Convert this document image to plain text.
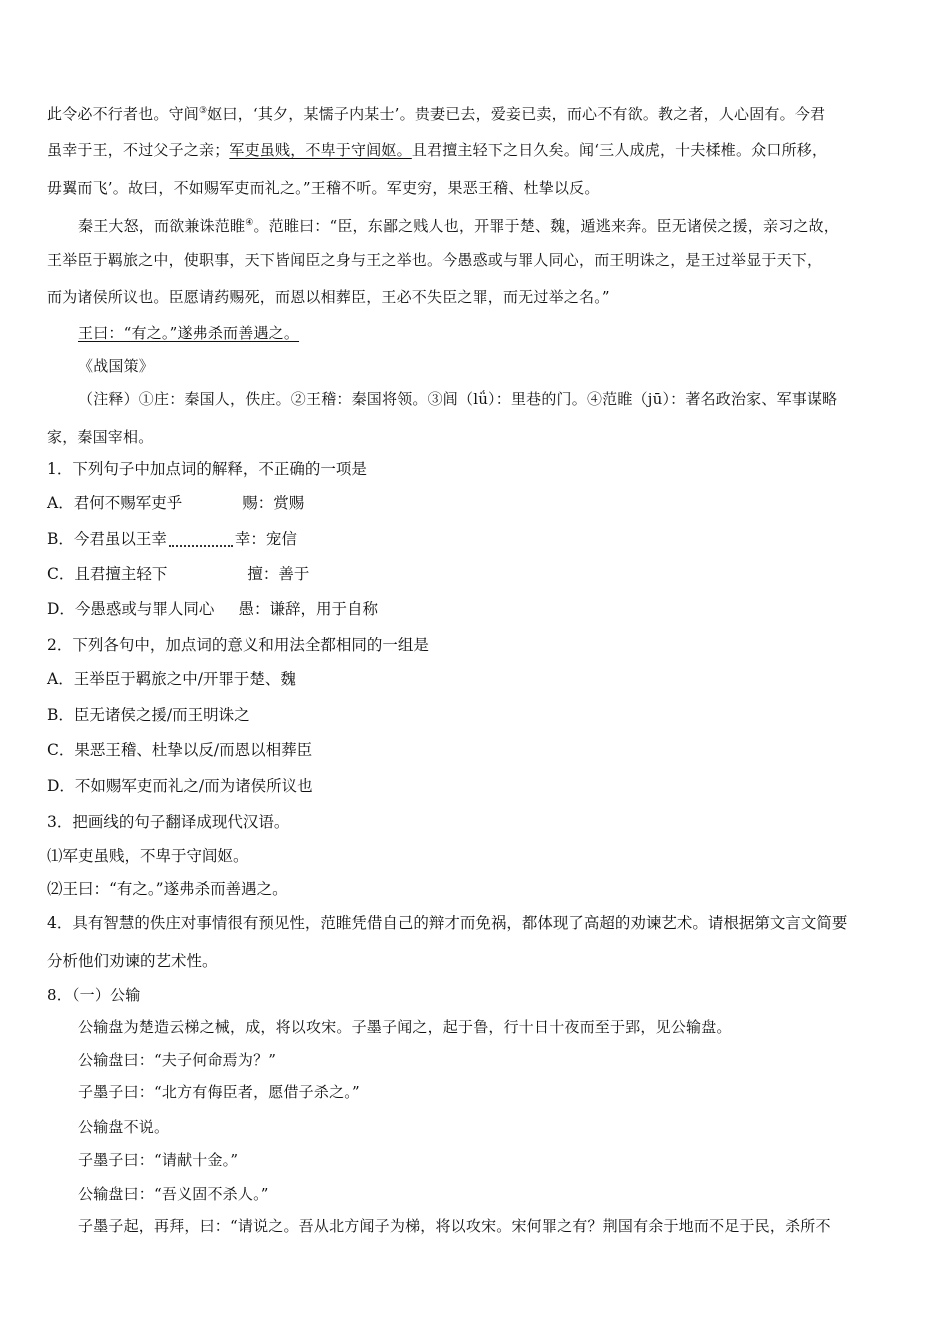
此令必不行者也。守闾③妪曰，‘其夕，某懦子内某士’。贵妻已去，爱妾已卖，而心不有欲。教之者，人心固有。今君
虽幸于王，不过父子之亲；军吏虽贱，不卑于守闾妪。且君擅主轻下之日久矣。闻‘三人成虎，十夫楺椎。众口所移，
毋翼而飞’。故曰，不如赐军吏而礼之。”王稽不听。军吏穷，果恶王稽、杜挚以反。
秦王大怒，而欲兼诛范睢④。范睢曰：“臣，东鄙之贱人也，开罪于楚、魏，遁逃来奔。臣无诸侯之援，亲习之故，
王举臣于羁旅之中，使职事，天下皆闻臣之身与王之举也。今愚惑或与罪人同心，而王明诛之，是王过举显于天下，
而为诸侯所议也。臣愿请药赐死，而恩以相葬臣，王必不失臣之罪，而无过举之名。”
王曰：“有之。”遂弗杀而善遇之。
《战国策》
（注释）①庄：秦国人，佚庄。②王稽：秦国将领。③闾（lǘ）：里巷的门。④范睢（jū）：著名政治家、军事谋略
家，秦国宰相。
1．下列句子中加点词的解释，不正确的一项是
A．君何不赐军吏乎	赐：赏赐
B．今君虽以王幸	幸：宠信
C．且君擅主轻下	擅：善于
D．今愚惑或与罪人同心 愚：谦辞，用于自称
2．下列各句中，加点词的意义和用法全都相同的一组是
A．王举臣于羁旅之中/开罪于楚、魏
B．臣无诸侯之援/而王明诛之
C．果恶王稽、杜挚以反/而恩以相葬臣
D．不如赐军吏而礼之/而为诸侯所议也
3．把画线的句子翻译成现代汉语。
⑴军吏虽贱，不卑于守闾妪。
⑵王曰：“有之。”遂弗杀而善遇之。
4．具有智慧的佚庄对事情很有预见性，范睢凭借自己的辩才而免祸，都体现了高超的劝谏艺术。请根据第文言文简要
分析他们劝谏的艺术性。
8．（一）公输
公输盘为楚造云梯之械，成，将以攻宋。子墨子闻之，起于鲁，行十日十夜而至于郢，见公输盘。
公输盘曰：“夫子何命焉为？”
子墨子曰：“北方有侮臣者，愿借子杀之。”
公输盘不说。
子墨子曰：“请献十金。”
公输盘曰：“吾义固不杀人。”
子墨子起，再拜，曰：“请说之。吾从北方闻子为梯，将以攻宋。宋何罪之有？荆国有余于地而不足于民，杀所不
